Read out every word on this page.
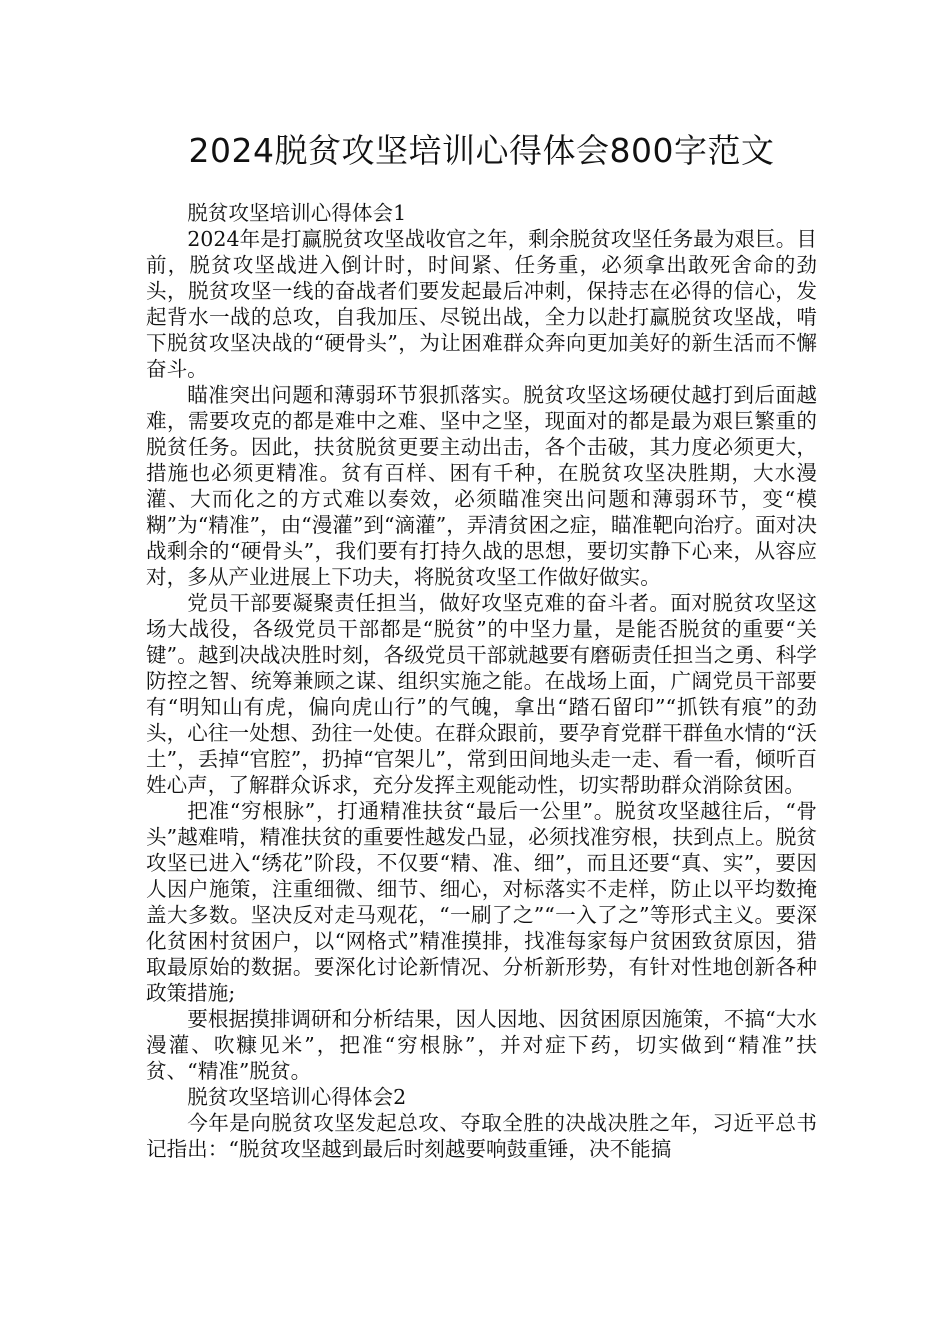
2024脱贫攻坚培训心得体会800字范文

脱贫攻坚培训心得体会1

2024年是打赢脱贫攻坚战收官之年，剩余脱贫攻坚任务最为艰巨。目前，脱贫攻坚战进入倒计时，时间紧、任务重，必须拿出敢死舍命的劲头，脱贫攻坚一线的奋战者们要发起最后冲刺，保持志在必得的信心，发起背水一战的总攻，自我加压、尽锐出战，全力以赴打赢脱贫攻坚战，啃下脱贫攻坚决战的“硬骨头”，为让困难群众奔向更加美好的新生活而不懈奋斗。

瞄准突出问题和薄弱环节狠抓落实。脱贫攻坚这场硬仗越打到后面越难，需要攻克的都是难中之难、坚中之坚，现面对的都是最为艰巨繁重的脱贫任务。因此，扶贫脱贫更要主动出击，各个击破，其力度必须更大，措施也必须更精准。贫有百样、困有千种，在脱贫攻坚决胜期，大水漫灌、大而化之的方式难以奏效，必须瞄准突出问题和薄弱环节，变“模糊”为“精准”，由“漫灌”到“滴灌”，弄清贫困之症，瞄准靶向治疗。面对决战剩余的“硬骨头”，我们要有打持久战的思想，要切实静下心来，从容应对，多从产业进展上下功夫，将脱贫攻坚工作做好做实。

党员干部要凝聚责任担当，做好攻坚克难的奋斗者。面对脱贫攻坚这场大战役，各级党员干部都是“脱贫”的中坚力量，是能否脱贫的重要“关键”。越到决战决胜时刻，各级党员干部就越要有磨砺责任担当之勇、科学防控之智、统筹兼顾之谋、组织实施之能。在战场上面，广阔党员干部要有“明知山有虎，偏向虎山行”的气魄，拿出“踏石留印”“抓铁有痕”的劲头，心往一处想、劲往一处使。在群众跟前，要孕育党群干群鱼水情的“沃土”，丢掉“官腔”，扔掉“官架儿”，常到田间地头走一走、看一看，倾听百姓心声，了解群众诉求，充分发挥主观能动性，切实帮助群众消除贫困。

把准“穷根脉”，打通精准扶贫“最后一公里”。脱贫攻坚越往后，“骨头”越难啃，精准扶贫的重要性越发凸显，必须找准穷根，扶到点上。脱贫攻坚已进入“绣花”阶段，不仅要“精、准、细”，而且还要“真、实”，要因人因户施策，注重细微、细节、细心，对标落实不走样，防止以平均数掩盖大多数。坚决反对走马观花，“一刷了之”“一入了之”等形式主义。要深化贫困村贫困户，以“网格式”精准摸排，找准每家每户贫困致贫原因，猎取最原始的数据。要深化讨论新情况、分析新形势，有针对性地创新各种政策措施;

要根据摸排调研和分析结果，因人因地、因贫困原因施策，不搞“大水漫灌、吹糠见米”，把准“穷根脉”，并对症下药，切实做到“精准”扶贫、“精准”脱贫。

脱贫攻坚培训心得体会2

今年是向脱贫攻坚发起总攻、夺取全胜的决战决胜之年，习近平总书记指出：“脱贫攻坚越到最后时刻越要响鼓重锤，决不能搞
